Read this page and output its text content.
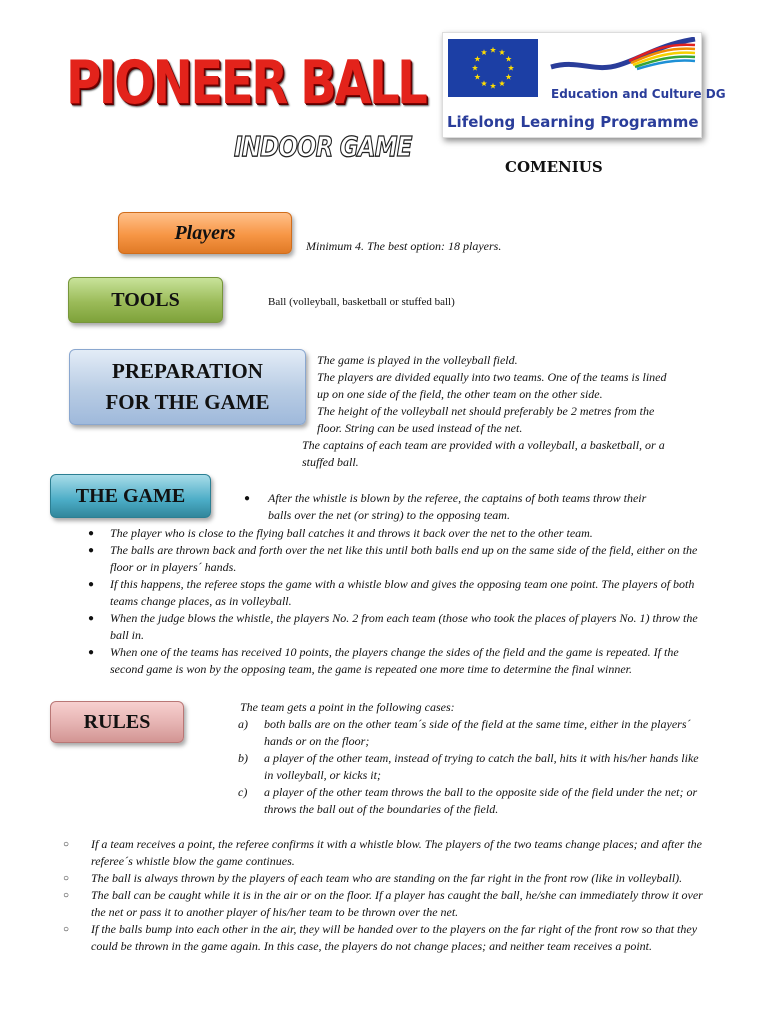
PIONEER BALL
INDOOR GAME
Education and Culture DG
Lifelong Learning Programme
COMENIUS
Players
Minimum 4. The best option: 18 players.
TOOLS	Ball (volleyball, basketball or stuffed ball)
PREPARATION
FOR THE GAME
The game is played in the volleyball field.
The players are divided equally into two teams. One of the teams is lined
up on one side of the field, the other team on the other side.
The height of the volleyball net should preferably be 2 metres from the
floor. String can be used instead of the net.
The captains of each team are provided with a volleyball, a basketball, or a
stuffed ball.
THE GAME	● After the whistle is blown by the referee, the captains of both teams throw their
balls over the net (or string) to the opposing team.
● The player who is close to the flying ball catches it and throws it back over the net to the other team.
● The balls are thrown back and forth over the net like this until both balls end up on the same side of the field, either on the floor or in players´ hands.
● If this happens, the referee stops the game with a whistle blow and gives the opposing team one point. The players of both teams change places, as in volleyball.
● When the judge blows the whistle, the players No. 2 from each team (those who took the places of players No. 1) throw the ball in.
● When one of the teams has received 10 points, the players change the sides of the field and the game is repeated. If the second game is won by the opposing team, the game is repeated one more time to determine the final winner.
RULES
The team gets a point in the following cases:
a) both balls are on the other team´s side of the field at the same time, either in the players´ hands or on the floor;
b) a player of the other team, instead of trying to catch the ball, hits it with his/her hands like in volleyball, or kicks it;
c) a player of the other team throws the ball to the opposite side of the field under the net; or throws the ball out of the boundaries of the field.
○ If a team receives a point, the referee confirms it with a whistle blow. The players of the two teams change places; and after the referee´s whistle blow the game continues.
○ The ball is always thrown by the players of each team who are standing on the far right in the front row (like in volleyball).
○ The ball can be caught while it is in the air or on the floor. If a player has caught the ball, he/she can immediately throw it over the net or pass it to another player of his/her team to be thrown over the net.
○ If the balls bump into each other in the air, they will be handed over to the players on the far right of the front row so that they could be thrown in the game again. In this case, the players do not change places; and neither team receives a point.
